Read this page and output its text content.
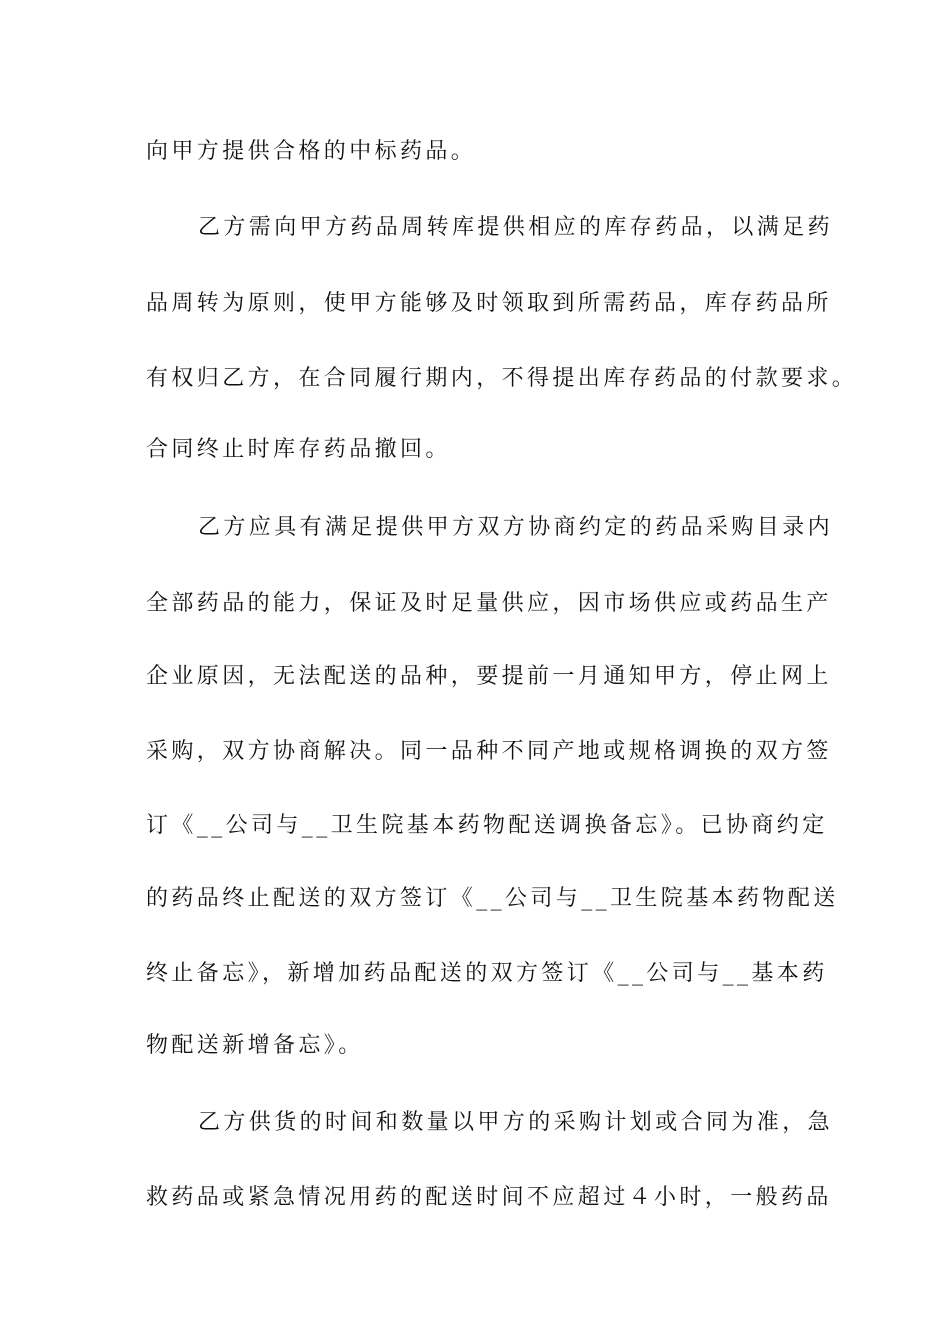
向甲方提供合格的中标药品。
乙方需向甲方药品周转库提供相应的库存药品，以满足药
品周转为原则，使甲方能够及时领取到所需药品，库存药品所
有权归乙方，在合同履行期内，不得提出库存药品的付款要求。
合同终止时库存药品撤回。
乙方应具有满足提供甲方双方协商约定的药品采购目录内
全部药品的能力，保证及时足量供应，因市场供应或药品生产
企业原因，无法配送的品种，要提前一月通知甲方，停止网上
采购，双方协商解决。同一品种不同产地或规格调换的双方签
订《__公司与__卫生院基本药物配送调换备忘》。已协商约定
的药品终止配送的双方签订《__公司与__卫生院基本药物配送
终止备忘》，新增加药品配送的双方签订《__公司与__基本药
物配送新增备忘》。
乙方供货的时间和数量以甲方的采购计划或合同为准，急
救药品或紧急情况用药的配送时间不应超过４小时，一般药品
